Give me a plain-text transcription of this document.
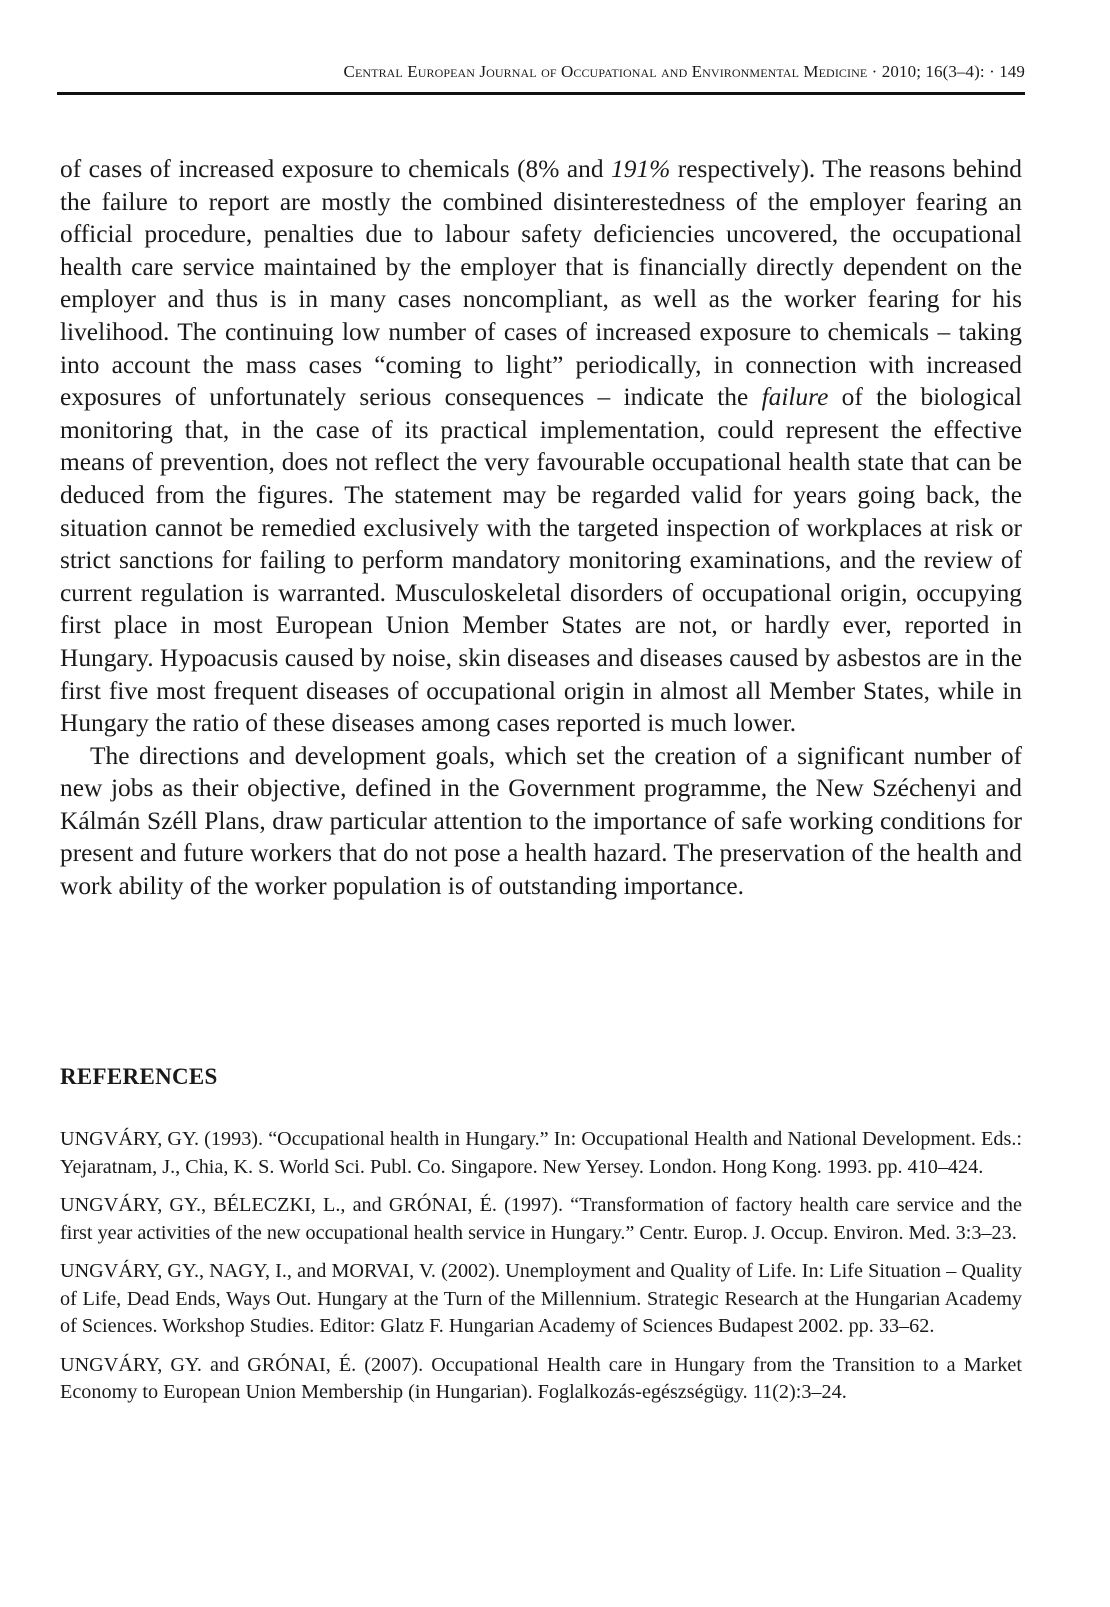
Central European Journal of Occupational and Environmental Medicine · 2010; 16(3–4): · 149

of cases of increased exposure to chemicals (8% and 191% respectively). The reasons behind the failure to report are mostly the combined disinterestedness of the employer fearing an official procedure, penalties due to labour safety deficiencies uncovered, the occupational health care service maintained by the employer that is financially directly dependent on the employer and thus is in many cases noncompliant, as well as the worker fearing for his livelihood. The continuing low number of cases of increased exposure to chemicals – taking into account the mass cases “coming to light” periodically, in connection with increased exposures of unfortunately serious consequences – indicate the failure of the biological monitoring that, in the case of its practical implementation, could represent the effective means of prevention, does not reflect the very favourable occupational health state that can be deduced from the figures. The statement may be regarded valid for years going back, the situation cannot be remedied exclusively with the targeted inspection of workplaces at risk or strict sanctions for failing to perform mandatory monitoring examinations, and the review of current regulation is warranted. Musculoskeletal disorders of occupational origin, occupying first place in most European Union Member States are not, or hardly ever, reported in Hungary. Hypoacusis caused by noise, skin diseases and diseases caused by asbestos are in the first five most frequent diseases of occupational origin in almost all Member States, while in Hungary the ratio of these diseases among cases reported is much lower.

The directions and development goals, which set the creation of a significant number of new jobs as their objective, defined in the Government programme, the New Széchenyi and Kálmán Széll Plans, draw particular attention to the importance of safe working conditions for present and future workers that do not pose a health hazard. The preservation of the health and work ability of the worker population is of outstanding importance.

REFERENCES

UNGVÁRY, GY. (1993). “Occupational health in Hungary.” In: Occupational Health and National Development. Eds.: Yejaratnam, J., Chia, K. S. World Sci. Publ. Co. Singapore. New Yersey. London. Hong Kong. 1993. pp. 410–424.

UNGVÁRY, GY., BÉLECZKI, L., and GRÓNAI, É. (1997). “Transformation of factory health care service and the first year activities of the new occupational health service in Hungary.” Centr. Europ. J. Occup. Environ. Med. 3:3–23.

UNGVÁRY, GY., NAGY, I., and MORVAI, V. (2002). Unemployment and Quality of Life. In: Life Situation – Quality of Life, Dead Ends, Ways Out. Hungary at the Turn of the Millennium. Strategic Research at the Hungarian Academy of Sciences. Workshop Studies. Editor: Glatz F. Hungarian Academy of Sciences Budapest 2002. pp. 33–62.

UNGVÁRY, GY. and GRÓNAI, É. (2007). Occupational Health care in Hungary from the Transition to a Market Economy to European Union Membership (in Hungarian). Foglalkozás-egészségügy. 11(2):3–24.
